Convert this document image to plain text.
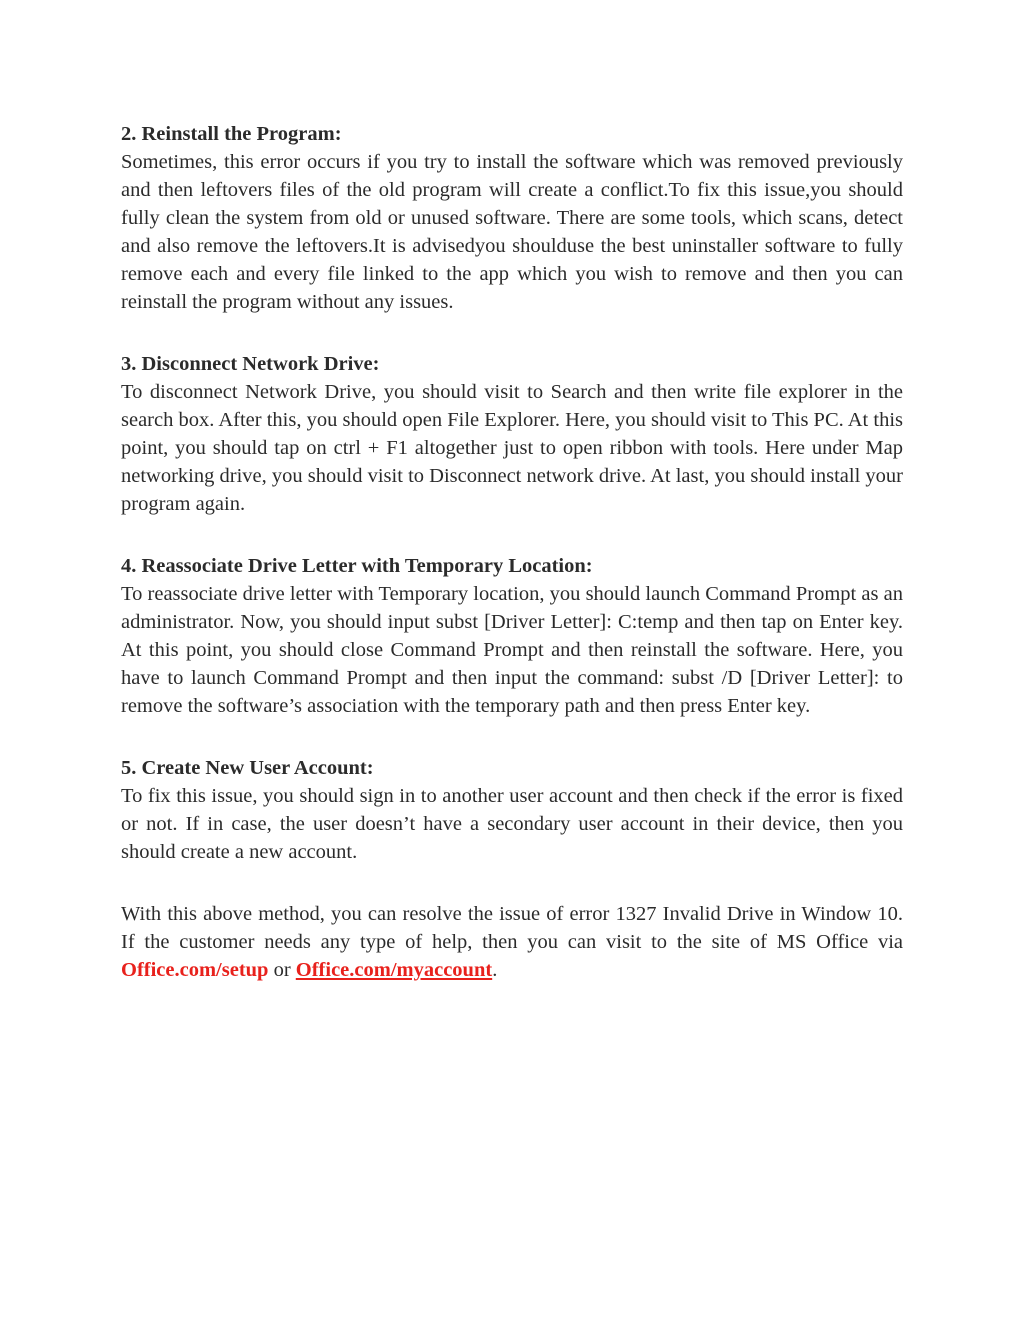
2. Reinstall the Program:

Sometimes, this error occurs if you try to install the software which was removed previously and then leftovers files of the old program will create a conflict.To fix this issue,you should fully clean the system from old or unused software. There are some tools, which scans, detect and also remove the leftovers.It is advisedyou shoulduse the best uninstaller software to fully remove each and every file linked to the app which you wish to remove and then you can reinstall the program without any issues.

3. Disconnect Network Drive:

To disconnect Network Drive, you should visit to Search and then write file explorer in the search box. After this, you should open File Explorer. Here, you should visit to This PC. At this point, you should tap on ctrl + F1 altogether just to open ribbon with tools. Here under Map networking drive, you should visit to Disconnect network drive. At last, you should install your program again.

4. Reassociate Drive Letter with Temporary Location:

To reassociate drive letter with Temporary location, you should launch Command Prompt as an administrator. Now, you should input subst [Driver Letter]: C:temp and then tap on Enter key. At this point, you should close Command Prompt and then reinstall the software. Here, you have to launch Command Prompt and then input the command: subst /D [Driver Letter]: to remove the software’s association with the temporary path and then press Enter key.

5. Create New User Account:

To fix this issue, you should sign in to another user account and then check if the error is fixed or not. If in case, the user doesn’t have a secondary user account in their device, then you should create a new account.

With this above method, you can resolve the issue of error 1327 Invalid Drive in Window 10. If the customer needs any type of help, then you can visit to the site of MS Office via Office.com/setup or Office.com/myaccount.
